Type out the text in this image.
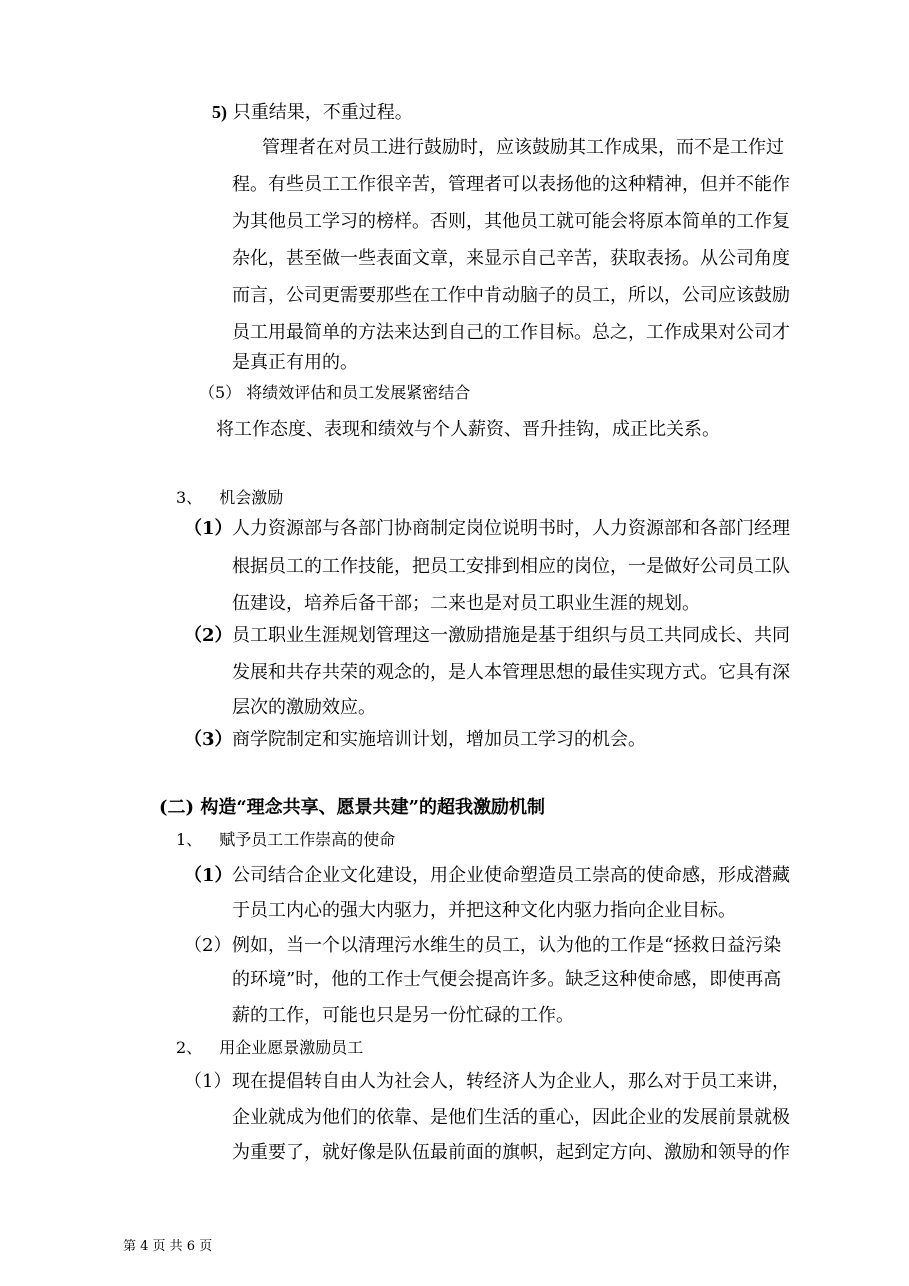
5) 只重结果，不重过程。
管理者在对员工进行鼓励时，应该鼓励其工作成果，而不是工作过
程。有些员工工作很辛苦，管理者可以表扬他的这种精神，但并不能作
为其他员工学习的榜样。否则，其他员工就可能会将原本简单的工作复
杂化，甚至做一些表面文章，来显示自己辛苦，获取表扬。从公司角度
而言，公司更需要那些在工作中肯动脑子的员工，所以，公司应该鼓励
员工用最简单的方法来达到自己的工作目标。总之，工作成果对公司才
是真正有用的。
（5） 将绩效评估和员工发展紧密结合
将工作态度、表现和绩效与个人薪资、晋升挂钩，成正比关系。
3、 机会激励
（1） 人力资源部与各部门协商制定岗位说明书时，人力资源部和各部门经理
根据员工的工作技能，把员工安排到相应的岗位，一是做好公司员工队
伍建设，培养后备干部；二来也是对员工职业生涯的规划。
（2） 员工职业生涯规划管理这一激励措施是基于组织与员工共同成长、共同
发展和共存共荣的观念的，是人本管理思想的最佳实现方式。它具有深
层次的激励效应。
（3） 商学院制定和实施培训计划，增加员工学习的机会。
(二) 构造“理念共享、愿景共建”的超我激励机制
1、 赋予员工工作崇高的使命
（1） 公司结合企业文化建设，用企业使命塑造员工崇高的使命感，形成潜藏
于员工内心的强大内驱力，并把这种文化内驱力指向企业目标。
（2） 例如，当一个以清理污水维生的员工，认为他的工作是“拯救日益污染
的环境”时，他的工作士气便会提高许多。缺乏这种使命感，即使再高
薪的工作，可能也只是另一份忙碌的工作。
2、 用企业愿景激励员工
（1） 现在提倡转自由人为社会人，转经济人为企业人，那么对于员工来讲，
企业就成为他们的依靠、是他们生活的重心，因此企业的发展前景就极
为重要了，就好像是队伍最前面的旗帜，起到定方向、激励和领导的作
第 4 页 共 6 页
